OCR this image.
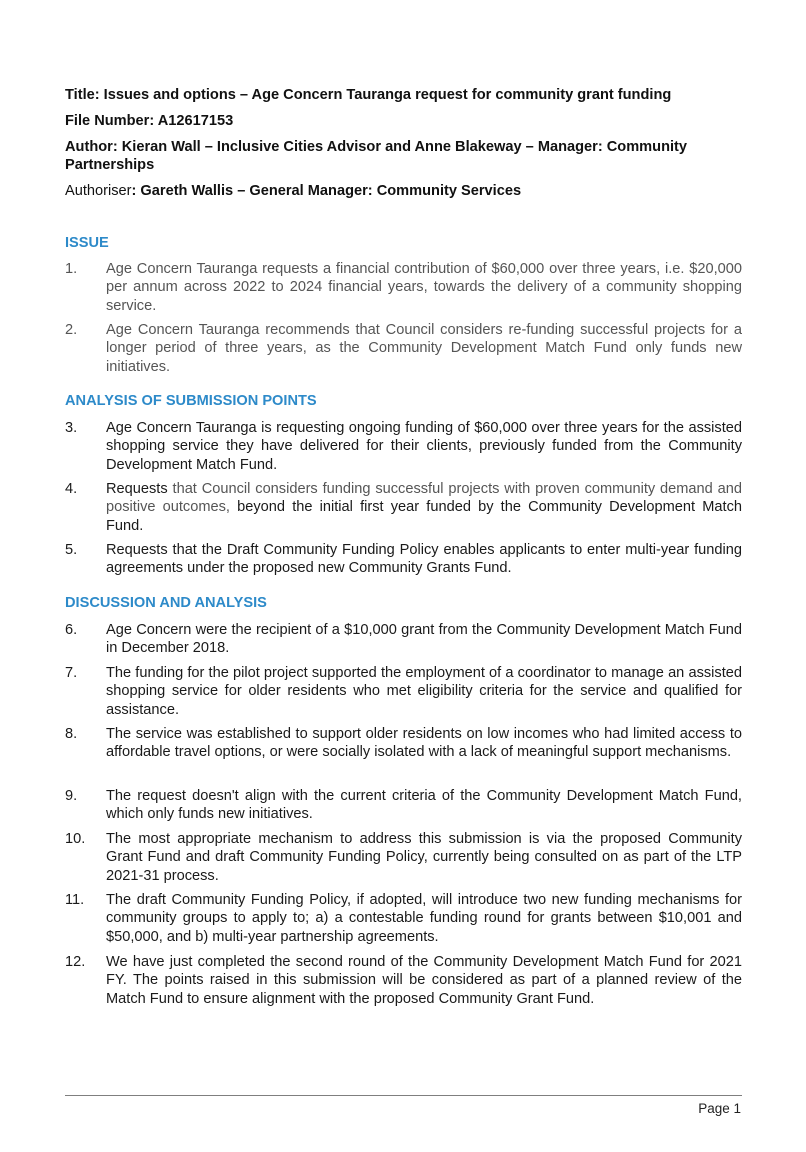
Title: Issues and options – Age Concern Tauranga request for community grant funding
File Number: A12617153
Author: Kieran Wall – Inclusive Cities Advisor and Anne Blakeway – Manager: Community Partnerships
Authoriser: Gareth Wallis – General Manager: Community Services
ISSUE
1.	Age Concern Tauranga requests a financial contribution of $60,000 over three years, i.e. $20,000 per annum across 2022 to 2024 financial years, towards the delivery of a community shopping service.
2.	Age Concern Tauranga recommends that Council considers re-funding successful projects for a longer period of three years, as the Community Development Match Fund only funds new initiatives.
ANALYSIS OF SUBMISSION POINTS
3.	Age Concern Tauranga is requesting ongoing funding of $60,000 over three years for the assisted shopping service they have delivered for their clients, previously funded from the Community Development Match Fund.
4.	Requests that Council considers funding successful projects with proven community demand and positive outcomes, beyond the initial first year funded by the Community Development Match Fund.
5.	Requests that the Draft Community Funding Policy enables applicants to enter multi-year funding agreements under the proposed new Community Grants Fund.
DISCUSSION AND ANALYSIS
6.	Age Concern were the recipient of a $10,000 grant from the Community Development Match Fund in December 2018.
7.	The funding for the pilot project supported the employment of a coordinator to manage an assisted shopping service for older residents who met eligibility criteria for the service and qualified for assistance.
8.	The service was established to support older residents on low incomes who had limited access to affordable travel options, or were socially isolated with a lack of meaningful support mechanisms.
9.	The request doesn't align with the current criteria of the Community Development Match Fund, which only funds new initiatives.
10.	The most appropriate mechanism to address this submission is via the proposed Community Grant Fund and draft Community Funding Policy, currently being consulted on as part of the LTP 2021-31 process.
11.	The draft Community Funding Policy, if adopted, will introduce two new funding mechanisms for community groups to apply to; a) a contestable funding round for grants between $10,001 and $50,000, and b) multi-year partnership agreements.
12.	We have just completed the second round of the Community Development Match Fund for 2021 FY. The points raised in this submission will be considered as part of a planned review of the Match Fund to ensure alignment with the proposed Community Grant Fund.
Page 1
